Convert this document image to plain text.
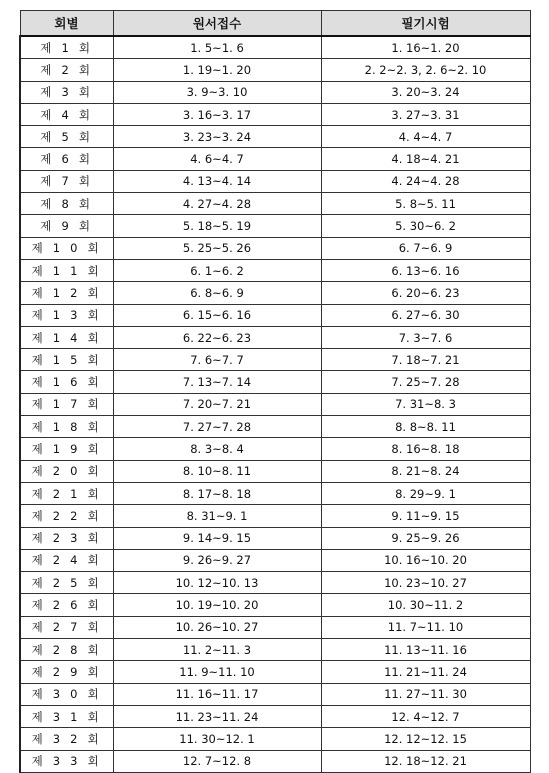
회별	원서접수	필기시험
제 1 회	1. 5~1. 6	1. 16~1. 20
제 2 회	1. 19~1. 20	2. 2~2. 3, 2. 6~2. 10
제 3 회	3. 9~3. 10	3. 20~3. 24
제 4 회	3. 16~3. 17	3. 27~3. 31
제 5 회	3. 23~3. 24	4. 4~4. 7
제 6 회	4. 6~4. 7	4. 18~4. 21
제 7 회	4. 13~4. 14	4. 24~4. 28
제 8 회	4. 27~4. 28	5. 8~5. 11
제 9 회	5. 18~5. 19	5. 30~6. 2
제 1 0 회	5. 25~5. 26	6. 7~6. 9
제 1 1 회	6. 1~6. 2	6. 13~6. 16
제 1 2 회	6. 8~6. 9	6. 20~6. 23
제 1 3 회	6. 15~6. 16	6. 27~6. 30
제 1 4 회	6. 22~6. 23	7. 3~7. 6
제 1 5 회	7. 6~7. 7	7. 18~7. 21
제 1 6 회	7. 13~7. 14	7. 25~7. 28
제 1 7 회	7. 20~7. 21	7. 31~8. 3
제 1 8 회	7. 27~7. 28	8. 8~8. 11
제 1 9 회	8. 3~8. 4	8. 16~8. 18
제 2 0 회	8. 10~8. 11	8. 21~8. 24
제 2 1 회	8. 17~8. 18	8. 29~9. 1
제 2 2 회	8. 31~9. 1	9. 11~9. 15
제 2 3 회	9. 14~9. 15	9. 25~9. 26
제 2 4 회	9. 26~9. 27	10. 16~10. 20
제 2 5 회	10. 12~10. 13	10. 23~10. 27
제 2 6 회	10. 19~10. 20	10. 30~11. 2
제 2 7 회	10. 26~10. 27	11. 7~11. 10
제 2 8 회	11. 2~11. 3	11. 13~11. 16
제 2 9 회	11. 9~11. 10	11. 21~11. 24
제 3 0 회	11. 16~11. 17	11. 27~11. 30
제 3 1 회	11. 23~11. 24	12. 4~12. 7
제 3 2 회	11. 30~12. 1	12. 12~12. 15
제 3 3 회	12. 7~12. 8	12. 18~12. 21
